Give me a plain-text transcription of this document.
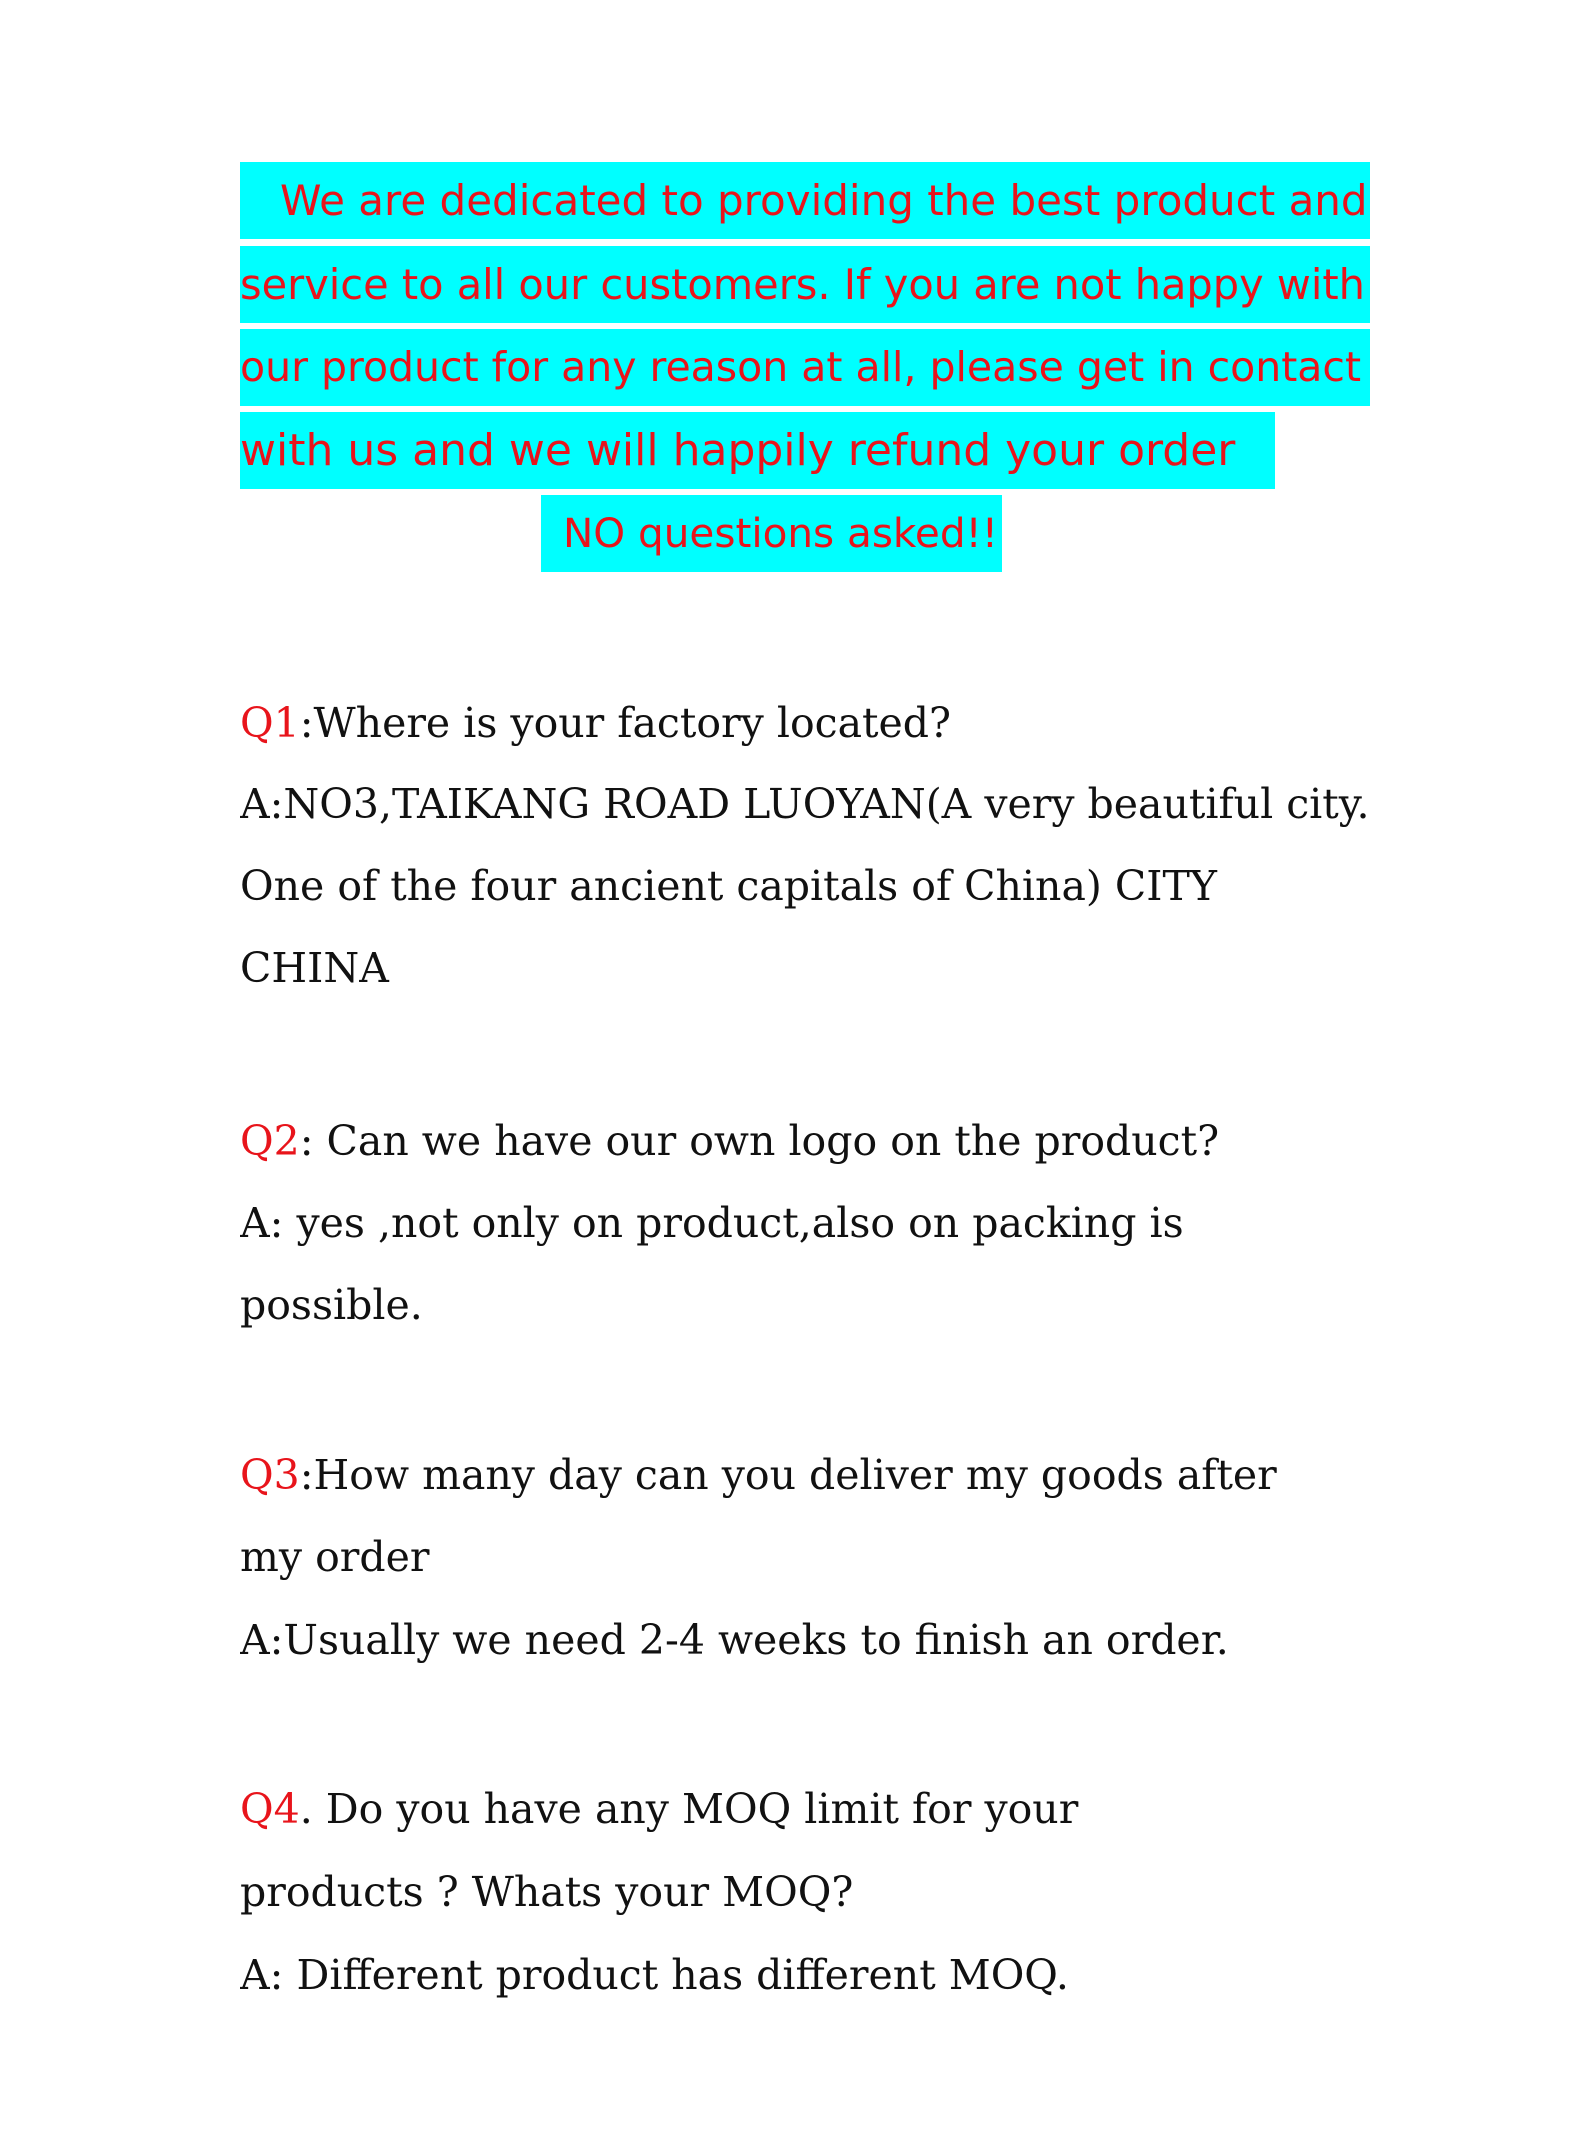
We are dedicated to providing the best product and
service to all our customers. If you are not happy with
our product for any reason at all, please get in contact
with us and we will happily refund your order
NO questions asked!!
Q1:Where is your factory located?
A:NO3,TAIKANG ROAD LUOYAN(A very beautiful city.
One of the four ancient capitals of China) CITY
CHINA
Q2: Can we have our own logo on the product?
A: yes ,not only on product,also on packing is
possible.
Q3:How many day can you deliver my goods after
my order
A:Usually we need 2-4 weeks to finish an order.
Q4. Do you have any MOQ limit for your
products ? Whats your MOQ?
A: Different product has different MOQ.
